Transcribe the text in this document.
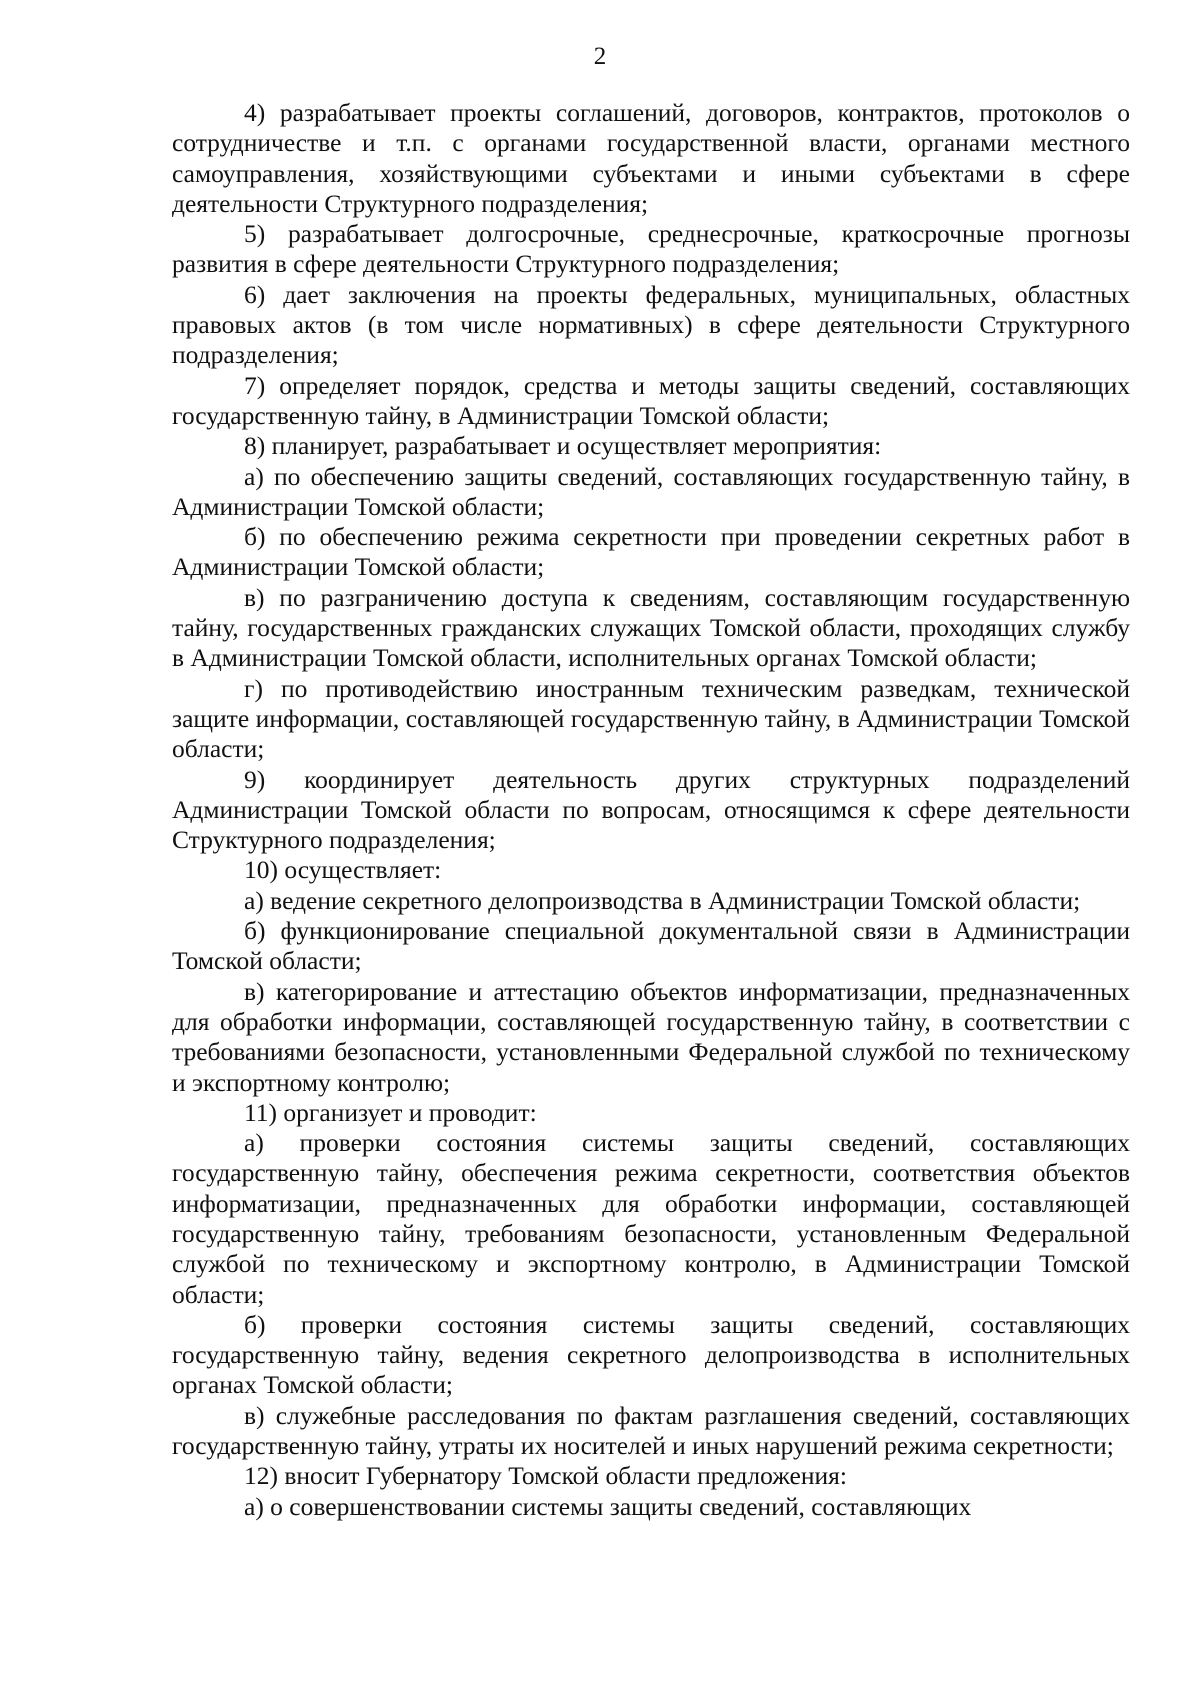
2

4) разрабатывает проекты соглашений, договоров, контрактов, протоколов о сотрудничестве и т.п. с органами государственной власти, органами местного самоуправления, хозяйствующими субъектами и иными субъектами в сфере деятельности Структурного подразделения;

5) разрабатывает долгосрочные, среднесрочные, краткосрочные прогнозы развития в сфере деятельности Структурного подразделения;

6) дает заключения на проекты федеральных, муниципальных, областных правовых актов (в том числе нормативных) в сфере деятельности Структурного подразделения;

7) определяет порядок, средства и методы защиты сведений, составляющих государственную тайну, в Администрации Томской области;

8) планирует, разрабатывает и осуществляет мероприятия:

а) по обеспечению защиты сведений, составляющих государственную тайну, в Администрации Томской области;

б) по обеспечению режима секретности при проведении секретных работ в Администрации Томской области;

в) по разграничению доступа к сведениям, составляющим государственную тайну, государственных гражданских служащих Томской области, проходящих службу в Администрации Томской области, исполнительных органах Томской области;

г) по противодействию иностранным техническим разведкам, технической защите информации, составляющей государственную тайну, в Администрации Томской области;

9) координирует деятельность других структурных подразделений Администрации Томской области по вопросам, относящимся к сфере деятельности Структурного подразделения;

10) осуществляет:

а) ведение секретного делопроизводства в Администрации Томской области;

б) функционирование специальной документальной связи в Администрации Томской области;

в) категорирование и аттестацию объектов информатизации, предназначенных для обработки информации, составляющей государственную тайну, в соответствии с требованиями безопасности, установленными Федеральной службой по техническому и экспортному контролю;

11) организует и проводит:

а) проверки состояния системы защиты сведений, составляющих государственную тайну, обеспечения режима секретности, соответствия объектов информатизации, предназначенных для обработки информации, составляющей государственную тайну, требованиям безопасности, установленным Федеральной службой по техническому и экспортному контролю, в Администрации Томской области;

б) проверки состояния системы защиты сведений, составляющих государственную тайну, ведения секретного делопроизводства в исполнительных органах Томской области;

в) служебные расследования по фактам разглашения сведений, составляющих государственную тайну, утраты их носителей и иных нарушений режима секретности;

12) вносит Губернатору Томской области предложения:

а) о совершенствовании системы защиты сведений, составляющих
